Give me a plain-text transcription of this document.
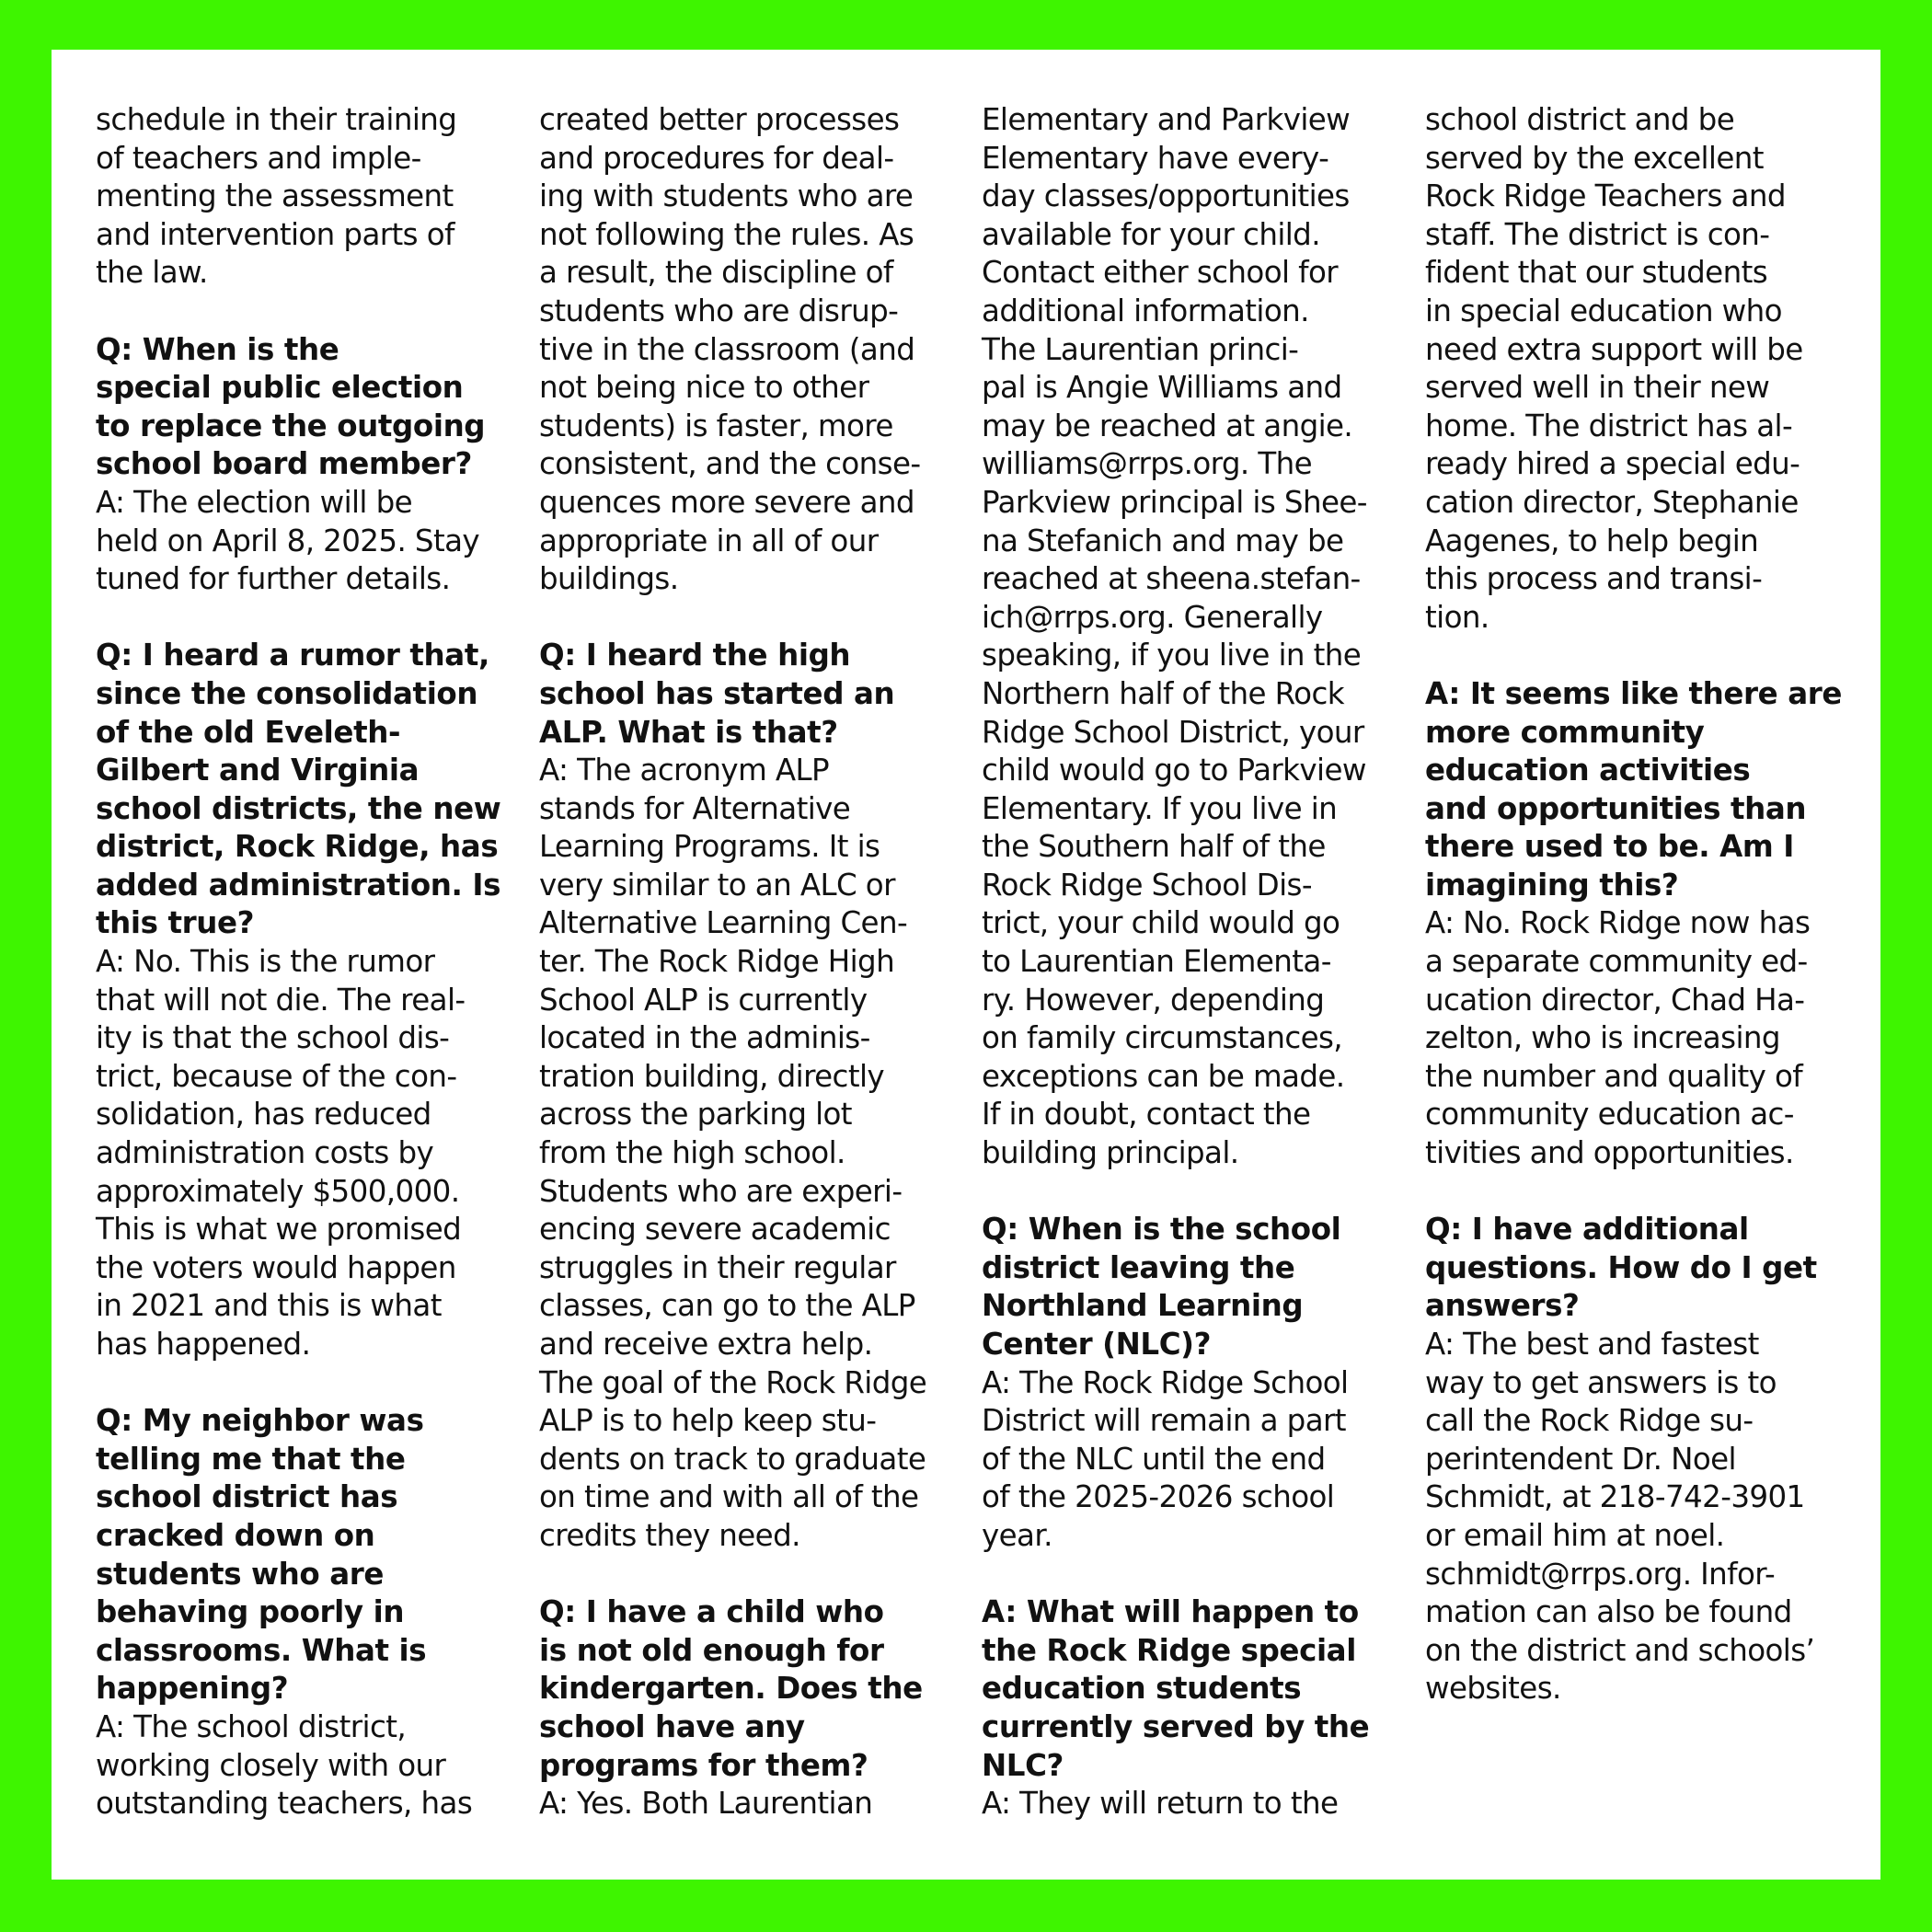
schedule in their training
of teachers and imple-
menting the assessment
and intervention parts of
the law.
Q: When is the
special public election
to replace the outgoing
school board member?
A: The election will be
held on April 8, 2025. Stay
tuned for further details.
Q: I heard a rumor that,
since the consolidation
of the old Eveleth-
Gilbert and Virginia
school districts, the new
district, Rock Ridge, has
added administration. Is
this true?
A: No. This is the rumor
that will not die. The real-
ity is that the school dis-
trict, because of the con-
solidation, has reduced
administration costs by
approximately $500,000.
This is what we promised
the voters would happen
in 2021 and this is what
has happened.
Q: My neighbor was
telling me that the
school district has
cracked down on
students who are
behaving poorly in
classrooms. What is
happening?
A: The school district,
working closely with our
outstanding teachers, has
created better processes
and procedures for deal-
ing with students who are
not following the rules. As
a result, the discipline of
students who are disrup-
tive in the classroom (and
not being nice to other
students) is faster, more
consistent, and the conse-
quences more severe and
appropriate in all of our
buildings.
Q: I heard the high
school has started an
ALP. What is that?
A: The acronym ALP
stands for Alternative
Learning Programs. It is
very similar to an ALC or
Alternative Learning Cen-
ter. The Rock Ridge High
School ALP is currently
located in the adminis-
tration building, directly
across the parking lot
from the high school.
Students who are experi-
encing severe academic
struggles in their regular
classes, can go to the ALP
and receive extra help.
The goal of the Rock Ridge
ALP is to help keep stu-
dents on track to graduate
on time and with all of the
credits they need.
Q: I have a child who
is not old enough for
kindergarten. Does the
school have any
programs for them?
A: Yes. Both Laurentian
Elementary and Parkview
Elementary have every-
day classes/opportunities
available for your child.
Contact either school for
additional information.
The Laurentian princi-
pal is Angie Williams and
may be reached at angie.
williams@rrps.org. The
Parkview principal is Shee-
na Stefanich and may be
reached at sheena.stefan-
ich@rrps.org. Generally
speaking, if you live in the
Northern half of the Rock
Ridge School District, your
child would go to Parkview
Elementary. If you live in
the Southern half of the
Rock Ridge School Dis-
trict, your child would go
to Laurentian Elementa-
ry. However, depending
on family circumstances,
exceptions can be made.
If in doubt, contact the
building principal.
Q: When is the school
district leaving the
Northland Learning
Center (NLC)?
A: The Rock Ridge School
District will remain a part
of the NLC until the end
of the 2025-2026 school
year.
A: What will happen to
the Rock Ridge special
education students
currently served by the
NLC?
A: They will return to the
school district and be
served by the excellent
Rock Ridge Teachers and
staff. The district is con-
fident that our students
in special education who
need extra support will be
served well in their new
home. The district has al-
ready hired a special edu-
cation director, Stephanie
Aagenes, to help begin
this process and transi-
tion.
A: It seems like there are
more community
education activities
and opportunities than
there used to be. Am I
imagining this?
A: No. Rock Ridge now has
a separate community ed-
ucation director, Chad Ha-
zelton, who is increasing
the number and quality of
community education ac-
tivities and opportunities.
Q: I have additional
questions. How do I get
answers?
A: The best and fastest
way to get answers is to
call the Rock Ridge su-
perintendent Dr. Noel
Schmidt, at 218-742-3901
or email him at noel.
schmidt@rrps.org. Infor-
mation can also be found
on the district and schools’
websites.
